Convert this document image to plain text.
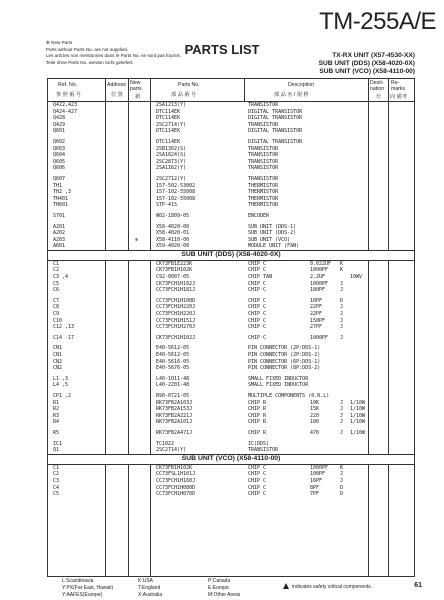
TM-255A/E
PARTS LIST
✻ New Parts
Parts without Parts No. are not supplied.
Les articles non mentionnes dans le Parts No. ne sont pas fournis.
Teile ohne Parts No. werden nicht geliefert.
TX-RX UNIT (X57-4530-XX)
SUB UNIT (DDS) (X58-4020-0X)
SUB UNIT (VCO) (X58-4110-00)
Ref. No.
参 照 番 号
Address
位 置
New
parts
新
Parts No.
部 品 番 号
Description
部 品 名 / 規 格
Desti-
nation
仕
Re-
marks
向 備考
Q422,423	2SA1213(Y)	TRANSISTOR
Q424-427	DTC114EK	DIGITAL TRANSISTOR
Q428	DTC114EK	DIGITAL TRANSISTOR
Q429	2SC2714(Y)	TRANSISTOR
Q601	DTC114EK	DIGITAL TRANSISTOR
Q602	DTC114EK	DIGITAL TRANSISTOR
Q603	2SB1302(S)	TRANSISTOR
Q604	2SA1824(S)	TRANSISTOR
Q605	2SC2873(Y)	TRANSISTOR
Q606	2SA1162(Y)	TRANSISTOR
Q607	2SC2712(Y)	TRANSISTOR
TH1	157-502-53002	THERMISTOR
TH2 ,3	157-102-55008	THERMISTOR
TH401	157-102-55008	THERMISTOR
TH601	STP-41S	THERMISTOR
S701	W02-1809-05	ENCODER
A201	X58-4020-00	SUB UNIT (DDS-1)
A202	X58-4020-01	SUB UNIT (DDS-2)
A203	✻	X58-4110-00	SUB UNIT (VCO)
A601	X59-4020-00	MODULE UNIT (FAN)
SUB UNIT (DDS) (X58-4020-0X)
C1	CK73FB1E223K	CHIP C	0.022UF K
C2	CK73FB1H102K	CHIP C	1000PF K
C3 ,4	C92-0007-05	CHIP TAN	2.2UF	10WV
C5	CK73FCH1H102J	CHIP C	1000PF J
C6	CC73FCH1H181J	CHIP C	180PF	J
C7	CC73FCH1H100D	CHIP C	10PF	D
C8	CC73FCH1H220J	CHIP C	22PF	J
C9	CC73FCH1H220J	CHIP C	22PF	J
C10	CC73FCH1H151J	CHIP C	150PF	J
C12 ,13	CC73FCH1H270J	CHIP C	27PF	J
C14 -17	CK73FCH1H102J	CHIP C	1000PF J
CN1	E40-5612-05	PIN CONNECTOR (2P:DDS-1)
CN1	E40-5612-05	PIN CONNECTOR (2P:DDS-2)
CN2	E40-5616-05	PIN CONNECTOR (6P:DDS-1)
CN2	E40-5676-05	PIN CONNECTOR (8P:DDS-2)
L1 ,3	L40-1011-48	SMALL FIXED INDUCTOR
L4 ,5	L40-2201-48	SMALL FIXED INDUCTOR
CP1 ,2	R90-0721-05	MULTIPLE COMPONENTS (0.R.L)
R1	RK73FB2A103J	CHIP R	10K	J 1/10W
R2	RK73FB2A153J	CHIP R	15K	J 1/10W
R3	RK73FB2A221J	CHIP R	220	J 1/10W
R4	RK73FB2A101J	CHIP R	100	J 1/10W
R5	RK73FB2A471J	CHIP R	470	J 1/10W
IC1	TC1022	IC(DDS)
Q1	2SC2714(Y)	TRANSISTOR
SUB UNIT (VCO) (X58-4110-00)
C1	CK73FB1H102K	CHIP C	1000PF K
C2	CC73FSL1H101J	CHIP C	100PF	J
C3	CC73FCH1H160J	CHIP C	16PF	J
C4	CC73FCH1H080D	CHIP C	8PF	D
C5	CC73FCH1H070D	CHIP C	7PF	D
L:Scandinavia	K:USA	P:Canada
Y:PX(Far East, Hawaii)	T:England	E:Europe
Y:AAFES(Europe)	X:Australia	M:Other Areas
indicates safety critical components.	61
